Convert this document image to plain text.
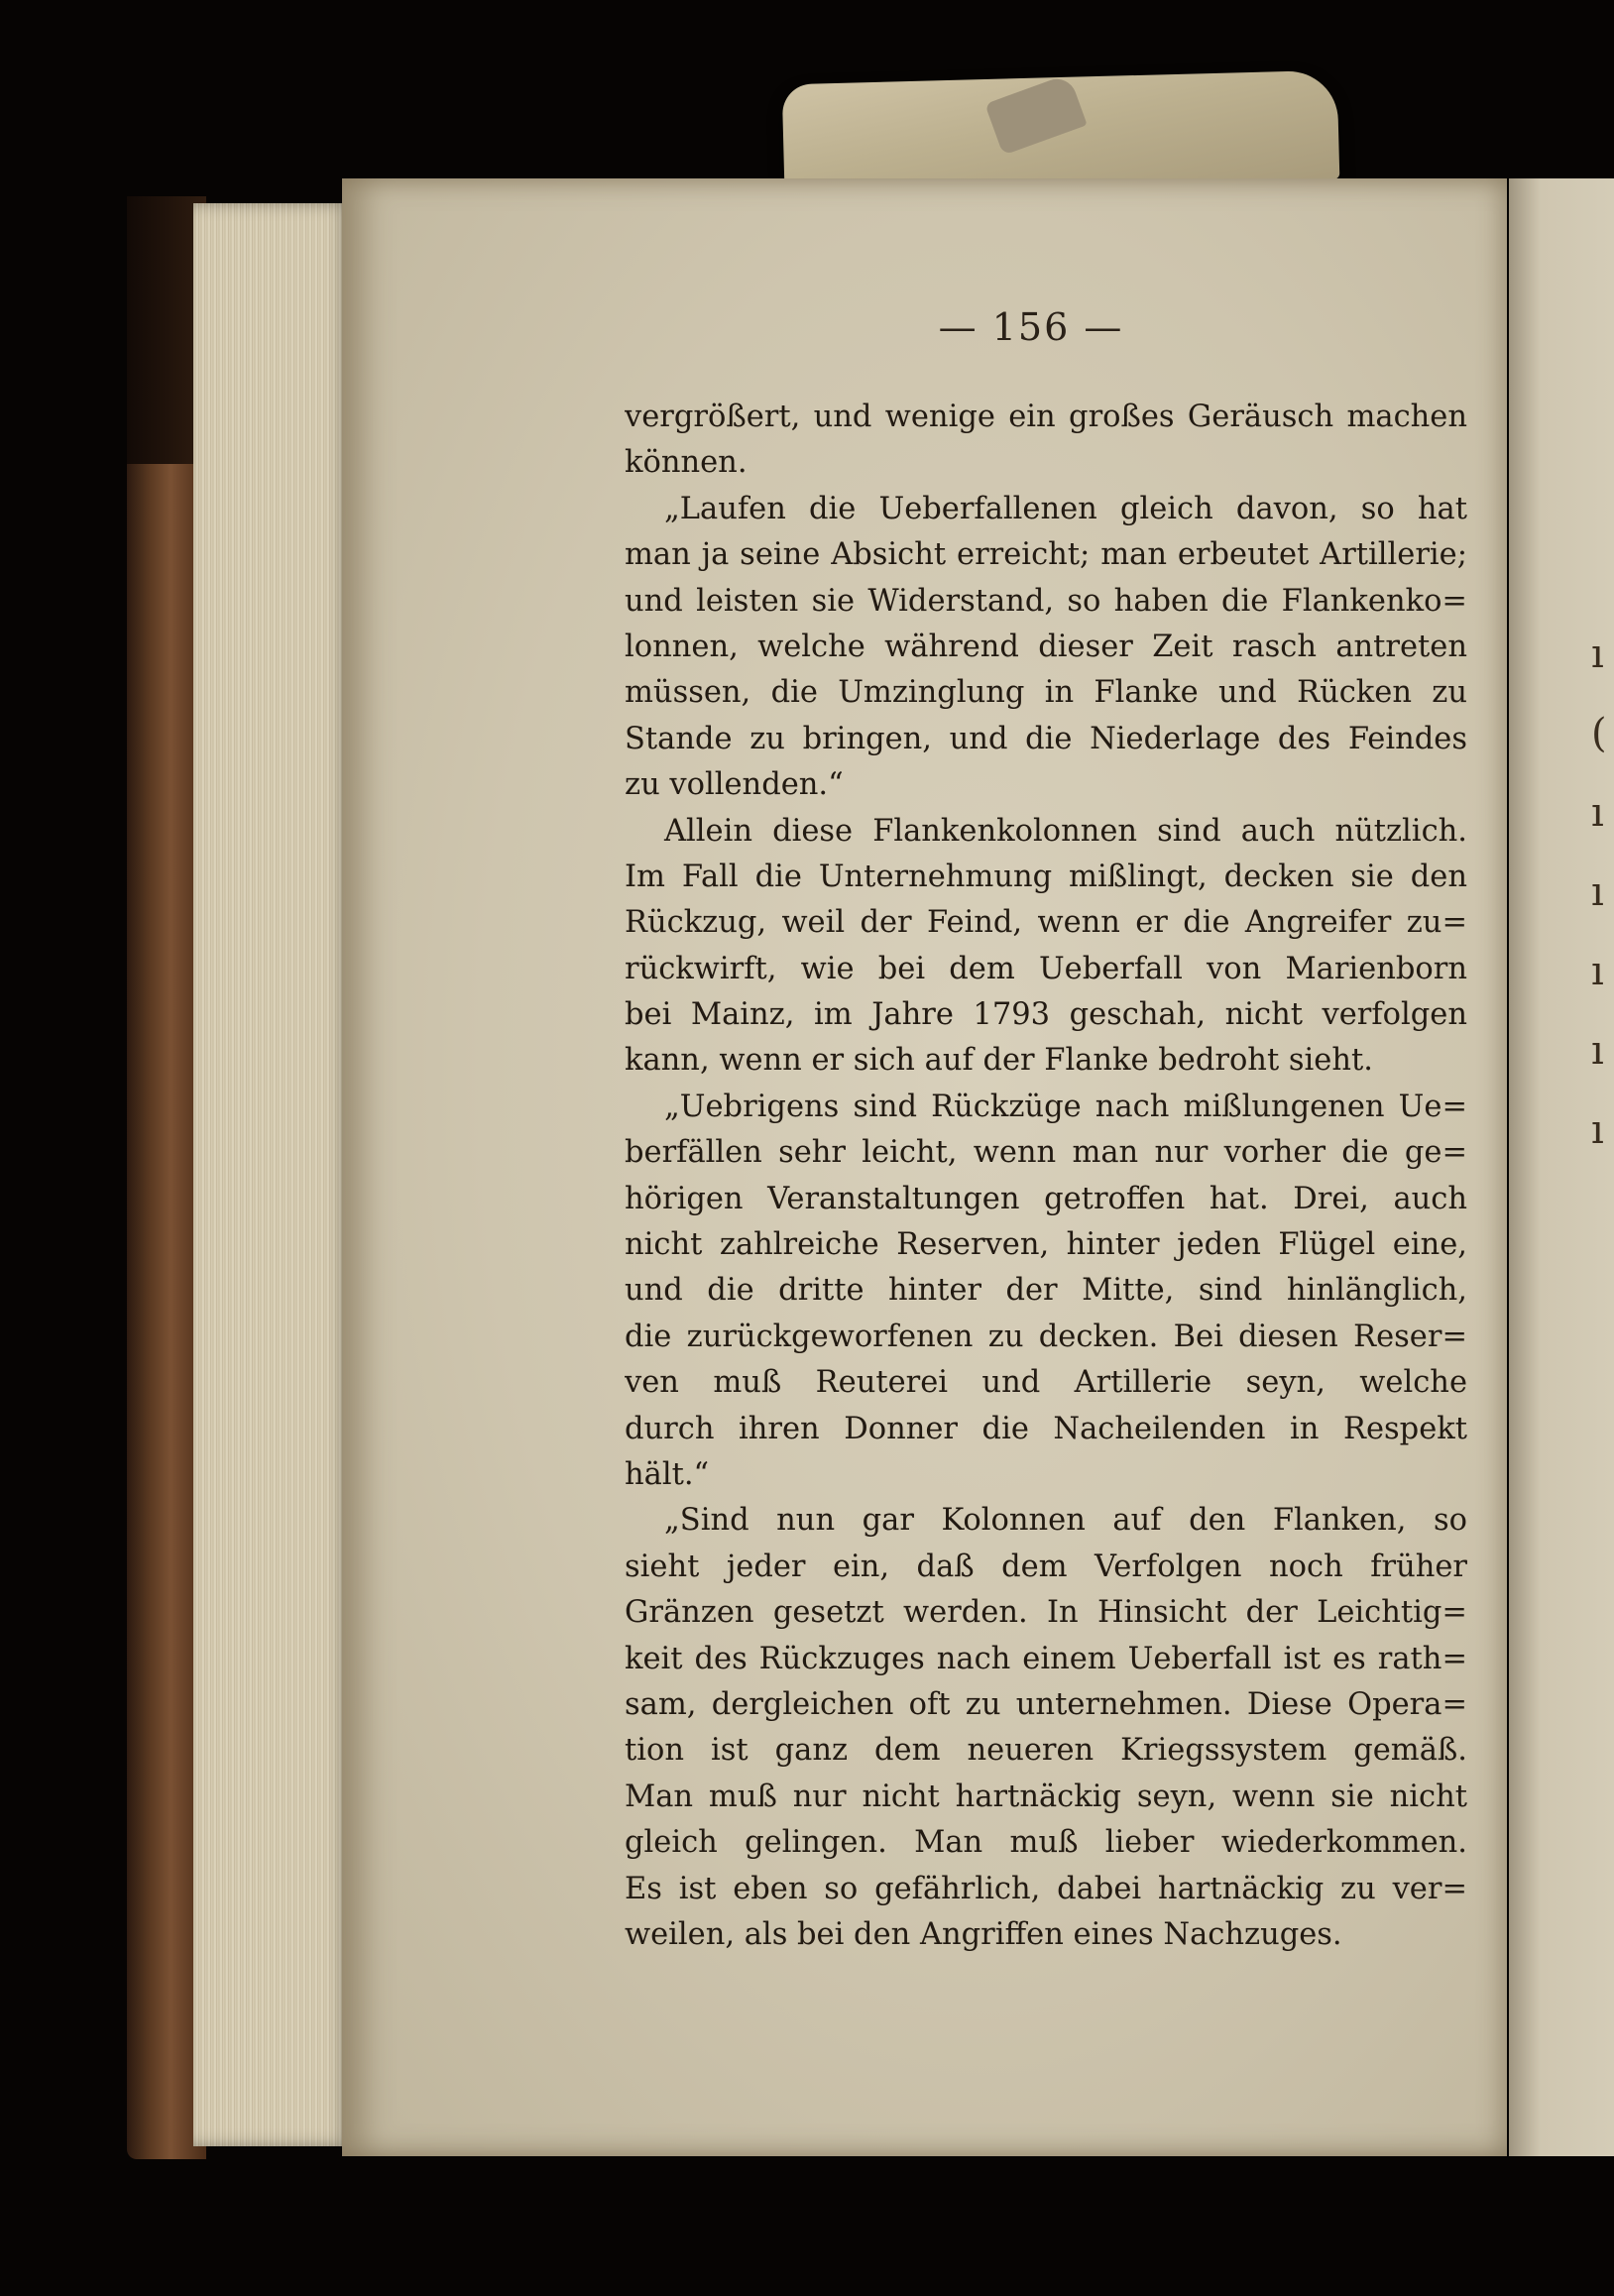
ı
(
ı
ı
ı
ı
ı

— 156 —
vergrößert, und wenige ein großes Geräusch machen
können.
„Laufen die Ueberfallenen gleich davon, so hat
man ja seine Absicht erreicht; man erbeutet Artillerie;
und leisten sie Widerstand, so haben die Flankenko=
lonnen, welche während dieser Zeit rasch antreten
müssen, die Umzinglung in Flanke und Rücken zu
Stande zu bringen, und die Niederlage des Feindes
zu vollenden.“
Allein diese Flankenkolonnen sind auch nützlich.
Im Fall die Unternehmung mißlingt, decken sie den
Rückzug, weil der Feind, wenn er die Angreifer zu=
rückwirft, wie bei dem Ueberfall von Marienborn
bei Mainz, im Jahre 1793 geschah, nicht verfolgen
kann, wenn er sich auf der Flanke bedroht sieht.
„Uebrigens sind Rückzüge nach mißlungenen Ue=
berfällen sehr leicht, wenn man nur vorher die ge=
hörigen Veranstaltungen getroffen hat. Drei, auch
nicht zahlreiche Reserven, hinter jeden Flügel eine,
und die dritte hinter der Mitte, sind hinlänglich,
die zurückgeworfenen zu decken. Bei diesen Reser=
ven muß Reuterei und Artillerie seyn, welche
durch ihren Donner die Nacheilenden in Respekt
hält.“
„Sind nun gar Kolonnen auf den Flanken, so
sieht jeder ein, daß dem Verfolgen noch früher
Gränzen gesetzt werden. In Hinsicht der Leichtig=
keit des Rückzuges nach einem Ueberfall ist es rath=
sam, dergleichen oft zu unternehmen. Diese Opera=
tion ist ganz dem neueren Kriegssystem gemäß.
Man muß nur nicht hartnäckig seyn, wenn sie nicht
gleich gelingen. Man muß lieber wiederkommen.
Es ist eben so gefährlich, dabei hartnäckig zu ver=
weilen, als bei den Angriffen eines Nachzuges.
